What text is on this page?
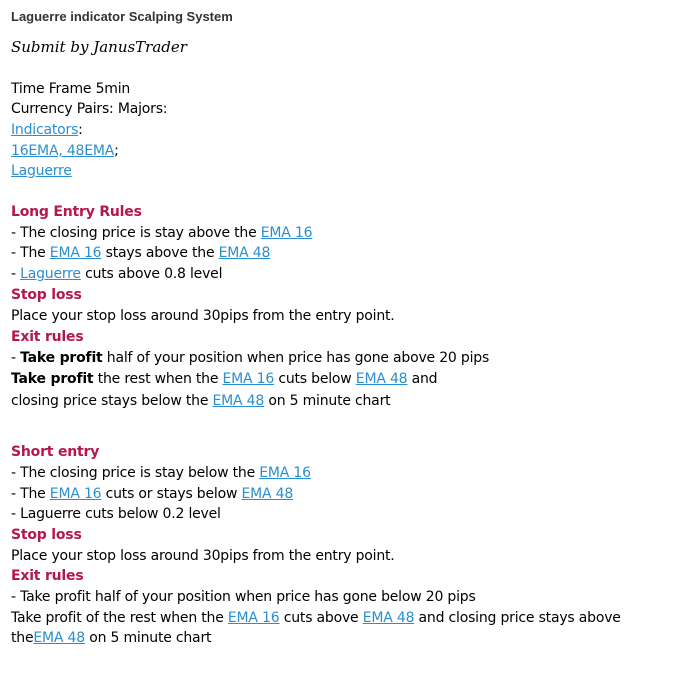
Laguerre indicator Scalping System
Submit by JanusTrader
Time Frame 5min
Currency Pairs: Majors:
Indicators:
16EMA, 48EMA;
Laguerre
Long Entry Rules
- The closing price is stay above the EMA 16
- The EMA 16 stays above the EMA 48
- Laguerre cuts above 0.8 level
Stop loss
Place your stop loss around 30pips from the entry point.
Exit rules
- Take profit half of your position when price has gone above 20 pips
Take profit the rest when the EMA 16 cuts below EMA 48 and
closing price stays below the EMA 48 on 5 minute chart
Short entry
- The closing price is stay below the EMA 16
- The EMA 16 cuts or stays below EMA 48
- Laguerre cuts below 0.2 level
Stop loss
Place your stop loss around 30pips from the entry point.
Exit rules
- Take profit half of your position when price has gone below 20 pips
Take profit of the rest when the EMA 16 cuts above EMA 48 and closing price stays above
theEMA 48 on 5 minute chart
